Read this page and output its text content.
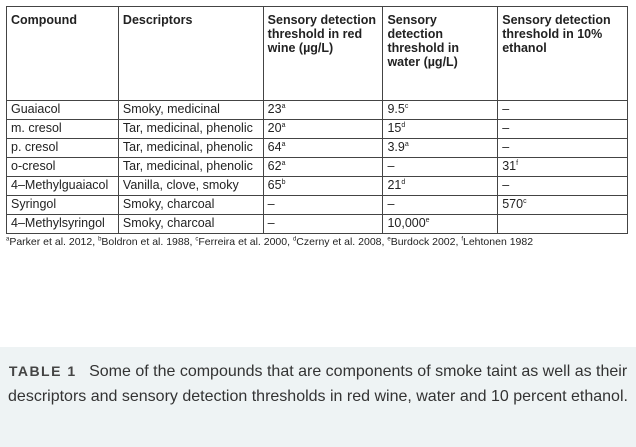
Compound	Descriptors	Sensory detection threshold in red wine (µg/L)	Sensory detection threshold in water (µg/L)	Sensory detection threshold in 10% ethanol
Guaiacol	Smoky, medicinal	23$^a$	9.5$^c$	–
m. cresol	Tar, medicinal, phenolic	20$^a$	15$^d$	–
p. cresol	Tar, medicinal, phenolic	64$^a$	3.9$^a$	–
o-cresol	Tar, medicinal, phenolic	62$^a$	–	31$^f$
4–Methylguaiacol	Vanilla, clove, smoky	65$^b$	21$^d$	–
Syringol	Smoky, charcoal	–	–	570$^c$
4–Methylsyringol	Smoky, charcoal	–	10,000e	
$^a$Parker et al. 2012, $^b$Boldron et al. 1988, $^c$Ferreira et al. 2000, $^d$Czerny et al. 2008, $^e$Burdock 2002, $^f$Lehtonen 1982
TABLE 1 Some of the compounds that are components of smoke taint as well as their descriptors and sensory detection thresholds in red wine, water and 10 percent ethanol.
